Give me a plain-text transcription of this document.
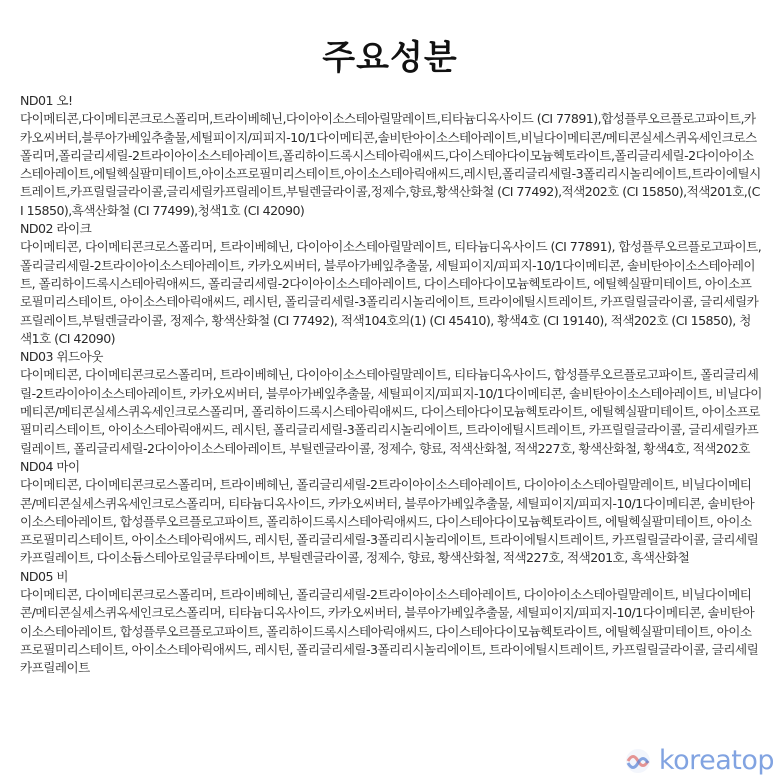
주요성분
ND01 오!
다이메티콘,다이메티콘크로스폴리머,트라이베헤닌,다이아이소스테아릴말레이트,티타늄디옥사이드 (CI 77891),합성플루오르플로고파이트,카카오씨버터,블루아가베잎추출물,세틸피이지/피피지-10/1다이메티콘,솔비탄아이소스테아레이트,비닐다이메티콘/메티콘실세스퀴옥세인크로스폴리머,폴리글리세릴-2트라이아이소스테아레이트,폴리하이드록시스테아릭애씨드,다이스테아다이모늄헥토라이트,폴리글리세릴-2다이아이소스테아레이트,에틸헥실팔미테이트,아이소프로필미리스테이트,아이소스테아릭애씨드,레시틴,폴리글리세릴-3폴리리시놀리에이트,트라이에틸시트레이트,카프릴릴글라이콜,글리세릴카프릴레이트,부틸렌글라이콜,정제수,향료,황색산화철 (CI 77492),적색202호 (CI 15850),적색201호,(CI 15850),흑색산화철 (CI 77499),청색1호 (CI 42090)
ND02 라이크
다이메티콘, 다이메티콘크로스폴리머, 트라이베헤닌, 다이아이소스테아릴말레이트, 티타늄디옥사이드 (CI 77891), 합성플루오르플로고파이트, 폴리글리세릴-2트라이아이소스테아레이트, 카카오씨버터, 블루아가베잎추출물, 세틸피이지/피피지-10/1다이메티콘, 솔비탄아이소스테아레이트, 폴리하이드록시스테아릭애씨드, 폴리글리세릴-2다이아이소스테아레이트, 다이스테아다이모늄헥토라이트, 에틸헥실팔미테이트, 아이소프로필미리스테이트, 아이소스테아릭애씨드, 레시틴, 폴리글리세릴-3폴리리시놀리에이트, 트라이에틸시트레이트, 카프릴릴글라이콜, 글리세릴카프릴레이트,부틸렌글라이콜, 정제수, 황색산화철 (CI 77492), 적색104호의(1) (CI 45410), 황색4호 (CI 19140), 적색202호 (CI 15850), 청색1호 (CI 42090)
ND03 위드아웃
다이메티콘, 다이메티콘크로스폴리머, 트라이베헤닌, 다이아이소스테아릴말레이트, 티타늄디옥사이드, 합성플루오르플로고파이트, 폴리글리세릴-2트라이아이소스테아레이트, 카카오씨버터, 블루아가베잎추출물, 세틸피이지/피피지-10/1다이메티콘, 솔비탄아이소스테아레이트, 비닐다이메티콘/메티콘실세스퀴옥세인크로스폴리머, 폴리하이드록시스테아릭애씨드, 다이스테아다이모늄헥토라이트, 에틸헥실팔미테이트, 아이소프로필미리스테이트, 아이소스테아릭애씨드, 레시틴, 폴리글리세릴-3폴리리시놀리에이트, 트라이에틸시트레이트, 카프릴릴글라이콜, 글리세릴카프릴레이트, 폴리글리세릴-2다이아이소스테아레이트, 부틸렌글라이콜, 정제수, 향료, 적색산화철, 적색227호, 황색산화철, 황색4호, 적색202호
ND04 마이
다이메티콘, 다이메티콘크로스폴리머, 트라이베헤닌, 폴리글리세릴-2트라이아이소스테아레이트, 다이아이소스테아릴말레이트, 비닐다이메티콘/메티콘실세스퀴옥세인크로스폴리머, 티타늄디옥사이드, 카카오씨버터, 블루아가베잎추출물, 세틸피이지/피피지-10/1다이메티콘, 솔비탄아이소스테아레이트, 합성플루오르플로고파이트, 폴리하이드록시스테아릭애씨드, 다이스테아다이모늄헥토라이트, 에틸헥실팔미테이트, 아이소프로필미리스테이트, 아이소스테아릭애씨드, 레시틴, 폴리글리세릴-3폴리리시놀리에이트, 트라이에틸시트레이트, 카프릴릴글라이콜, 글리세릴카프릴레이트, 다이소듐스테아로일글루타메이트, 부틸렌글라이콜, 정제수, 향료, 황색산화철, 적색227호, 적색201호, 흑색산화철
ND05 비
다이메티콘, 다이메티콘크로스폴리머, 트라이베헤닌, 폴리글리세릴-2트라이아이소스테아레이트, 다이아이소스테아릴말레이트, 비닐다이메티콘/메티콘실세스퀴옥세인크로스폴리머, 티타늄디옥사이드, 카카오씨버터, 블루아가베잎추출물, 세틸피이지/피피지-10/1다이메티콘, 솔비탄아이소스테아레이트, 합성플루오르플로고파이트, 폴리하이드록시스테아릭애씨드, 다이스테아다이모늄헥토라이트, 에틸헥실팔미테이트, 아이소프로필미리스테이트, 아이소스테아릭애씨드, 레시틴, 폴리글리세릴-3폴리리시놀리에이트, 트라이에틸시트레이트, 카프릴릴글라이콜, 글리세릴카프릴레이트
koreatop
